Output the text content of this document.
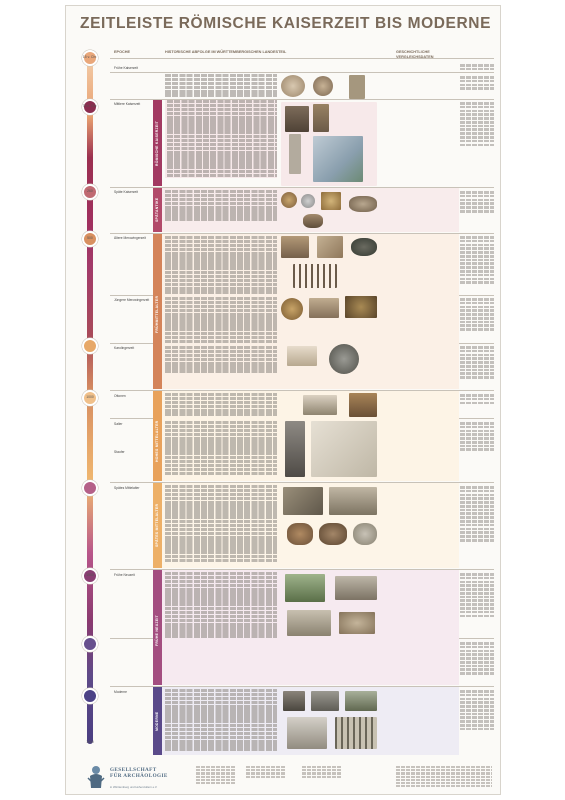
ZEITLEISTE RÖMISCHE KAISERZEIT BIS MODERNE
EPOCHE	HISTORISCHE ABFOLGE IM WÜRTTEMBERGISCHEN LANDESTEIL	GESCHICHTLICHE VERGLEICHSDATEN
15 v. Chr.
70 n. Chr.
260
500
1000
1500
1900
Frühe Kaiserzeit
Mittlere Kaiserzeit
Späte Kaiserzeit
Ältere Merowingerzeit
Jüngere Merowingerzeit
Karolingerzeit
Ottonen
Salier
Staufer
Spätes Mittelalter
Frühe Neuzeit
Moderne
RÖMISCHE KAISERZEIT
SPÄTANTIKE
FRÜHMITTELALTER
HOHES MITTELALTER
SPÄTES MITTELALTER
FRÜHE NEUZEIT
MODERNE
GESELLSCHAFT
FÜR ARCHÄOLOGIE
in Württemberg und Hohenzollern e.V.
